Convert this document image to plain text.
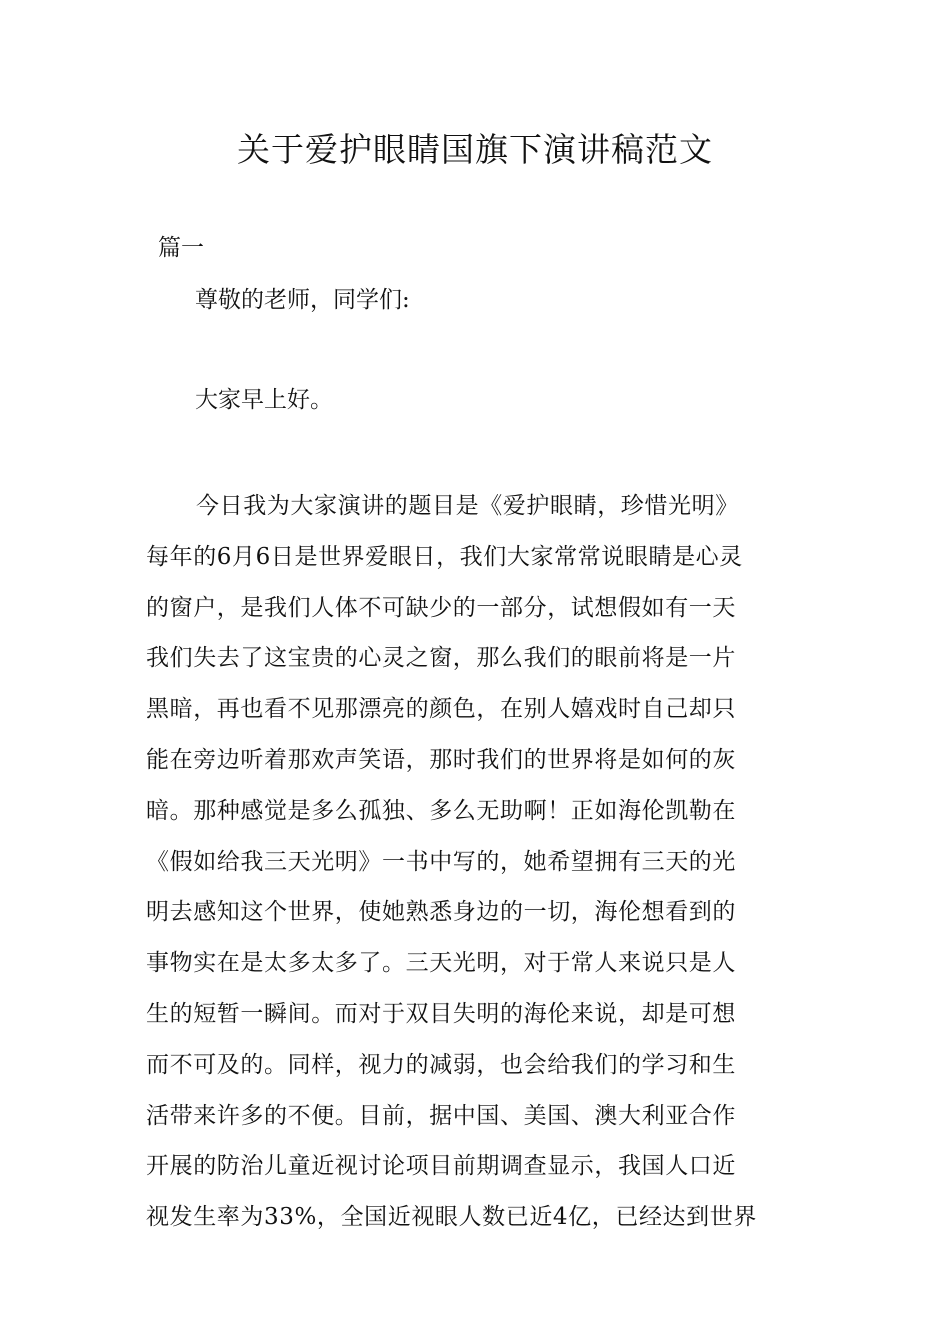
关于爱护眼睛国旗下演讲稿范文

篇一

尊敬的老师，同学们:

大家早上好。

今日我为大家演讲的题目是《爱护眼睛，珍惜光明》
每年的6月6日是世界爱眼日，我们大家常常说眼睛是心灵
的窗户，是我们人体不可缺少的一部分，试想假如有一天
我们失去了这宝贵的心灵之窗，那么我们的眼前将是一片
黑暗，再也看不见那漂亮的颜色，在别人嬉戏时自己却只
能在旁边听着那欢声笑语，那时我们的世界将是如何的灰
暗。那种感觉是多么孤独、多么无助啊！正如海伦凯勒在
《假如给我三天光明》一书中写的，她希望拥有三天的光
明去感知这个世界，使她熟悉身边的一切，海伦想看到的
事物实在是太多太多了。三天光明，对于常人来说只是人
生的短暂一瞬间。而对于双目失明的海伦来说，却是可想
而不可及的。同样，视力的减弱，也会给我们的学习和生
活带来许多的不便。目前，据中国、美国、澳大利亚合作
开展的防治儿童近视讨论项目前期调查显示，我国人口近
视发生率为33%，全国近视眼人数已近4亿，已经达到世界
